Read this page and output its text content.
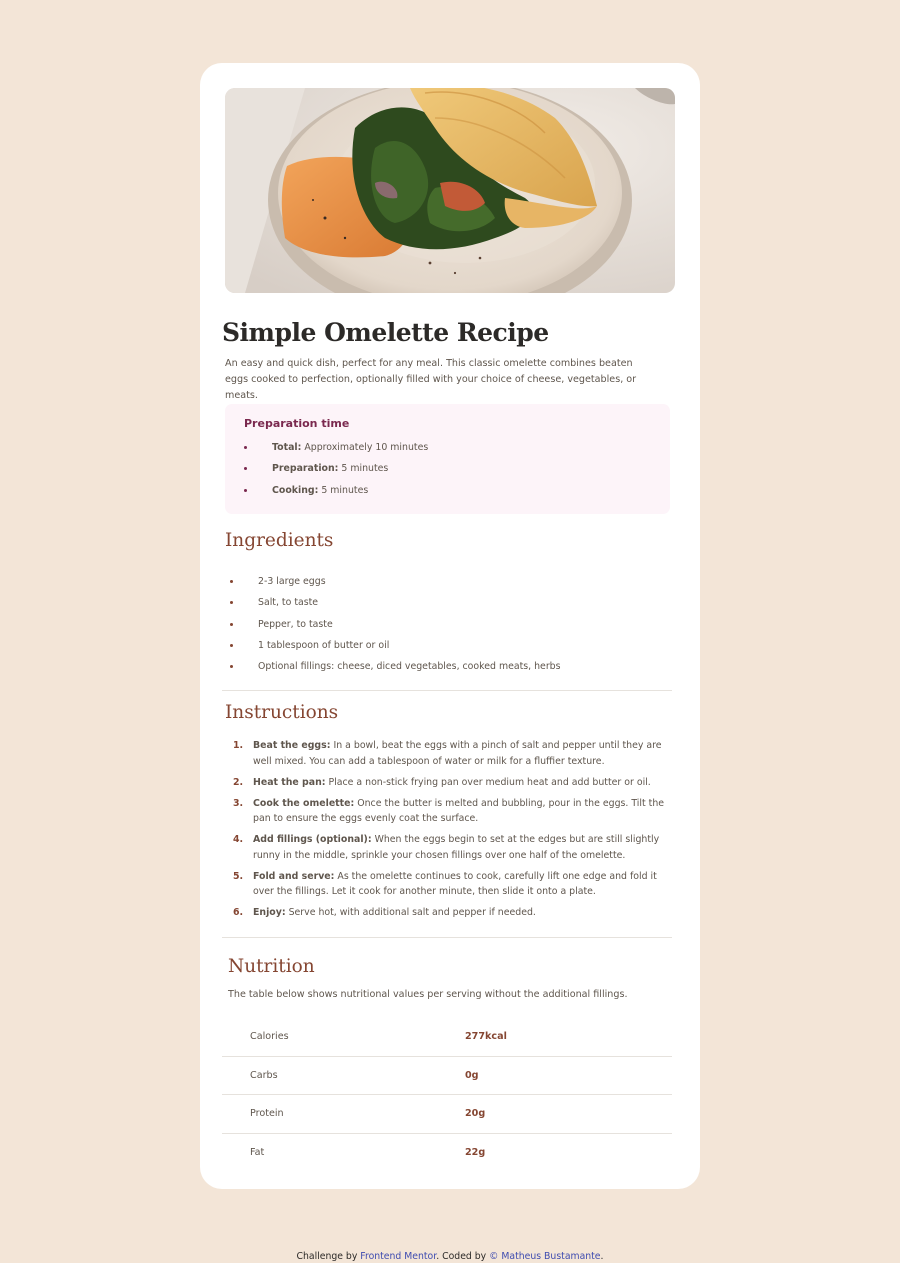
Simple Omelette Recipe

An easy and quick dish, perfect for any meal. This classic omelette combines beaten eggs cooked to perfection, optionally filled with your choice of cheese, vegetables, or meats.

Preparation time
Total: Approximately 10 minutes
Preparation: 5 minutes
Cooking: 5 minutes
Ingredients
2-3 large eggs
Salt, to taste
Pepper, to taste
1 tablespoon of butter or oil
Optional fillings: cheese, diced vegetables, cooked meats, herbs
Instructions
1. Beat the eggs: In a bowl, beat the eggs with a pinch of salt and pepper until they are well mixed. You can add a tablespoon of water or milk for a fluffier texture.
2. Heat the pan: Place a non-stick frying pan over medium heat and add butter or oil.
3. Cook the omelette: Once the butter is melted and bubbling, pour in the eggs. Tilt the pan to ensure the eggs evenly coat the surface.
4. Add fillings (optional): When the eggs begin to set at the edges but are still slightly runny in the middle, sprinkle your chosen fillings over one half of the omelette.
5. Fold and serve: As the omelette continues to cook, carefully lift one edge and fold it over the fillings. Let it cook for another minute, then slide it onto a plate.
6. Enjoy: Serve hot, with additional salt and pepper if needed.
Nutrition

The table below shows nutritional values per serving without the additional fillings.

Calories	277kcal
Carbs	0g
Protein	20g
Fat	22g
Challenge by Frontend Mentor. Coded by © Matheus Bustamante.
